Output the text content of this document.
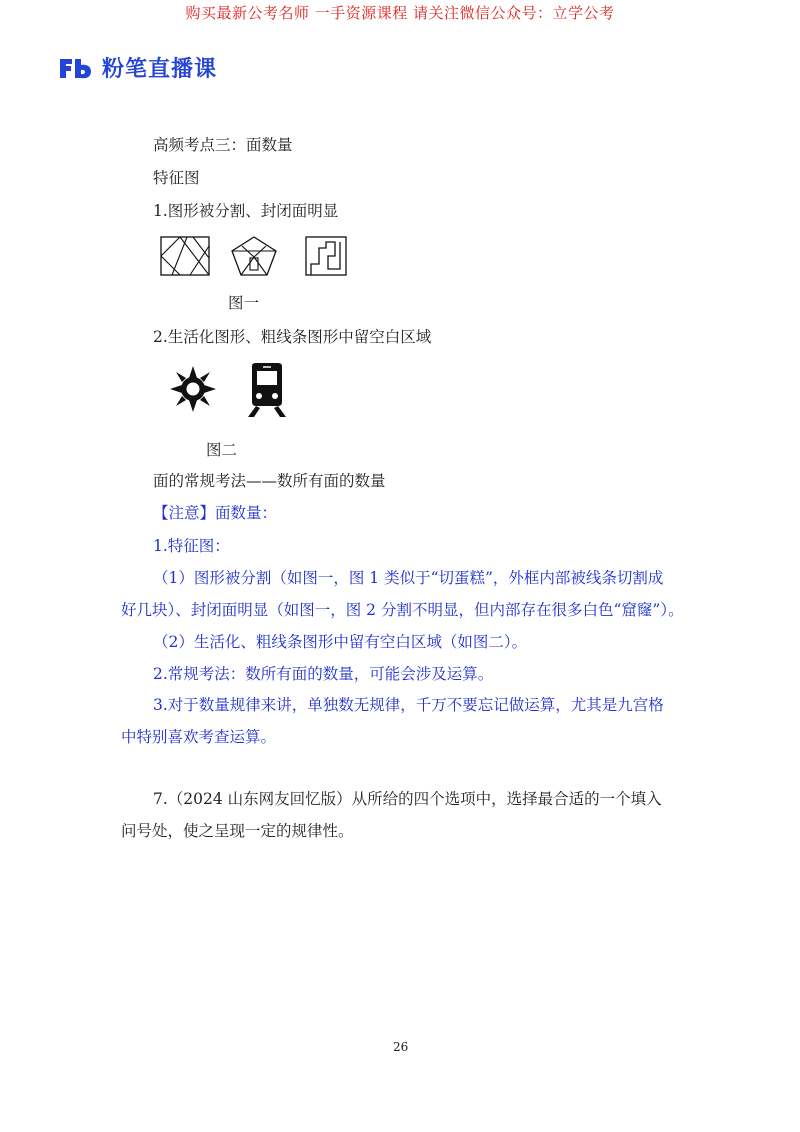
购买最新公考名师 一手资源课程 请关注微信公众号：立学公考
粉笔直播课
高频考点三：面数量
特征图
1.图形被分割、封闭面明显
图一
2.生活化图形、粗线条图形中留空白区域
图二
面的常规考法——数所有面的数量
【注意】面数量：
1.特征图：
（1）图形被分割（如图一，图 1 类似于“切蛋糕”，外框内部被线条切割成
好几块）、封闭面明显（如图一，图 2 分割不明显，但内部存在很多白色“窟窿”）。
（2）生活化、粗线条图形中留有空白区域（如图二）。
2.常规考法：数所有面的数量，可能会涉及运算。
3.对于数量规律来讲，单独数无规律，千万不要忘记做运算，尤其是九宫格
中特别喜欢考查运算。
7.（2024 山东网友回忆版）从所给的四个选项中，选择最合适的一个填入
问号处，使之呈现一定的规律性。
26
